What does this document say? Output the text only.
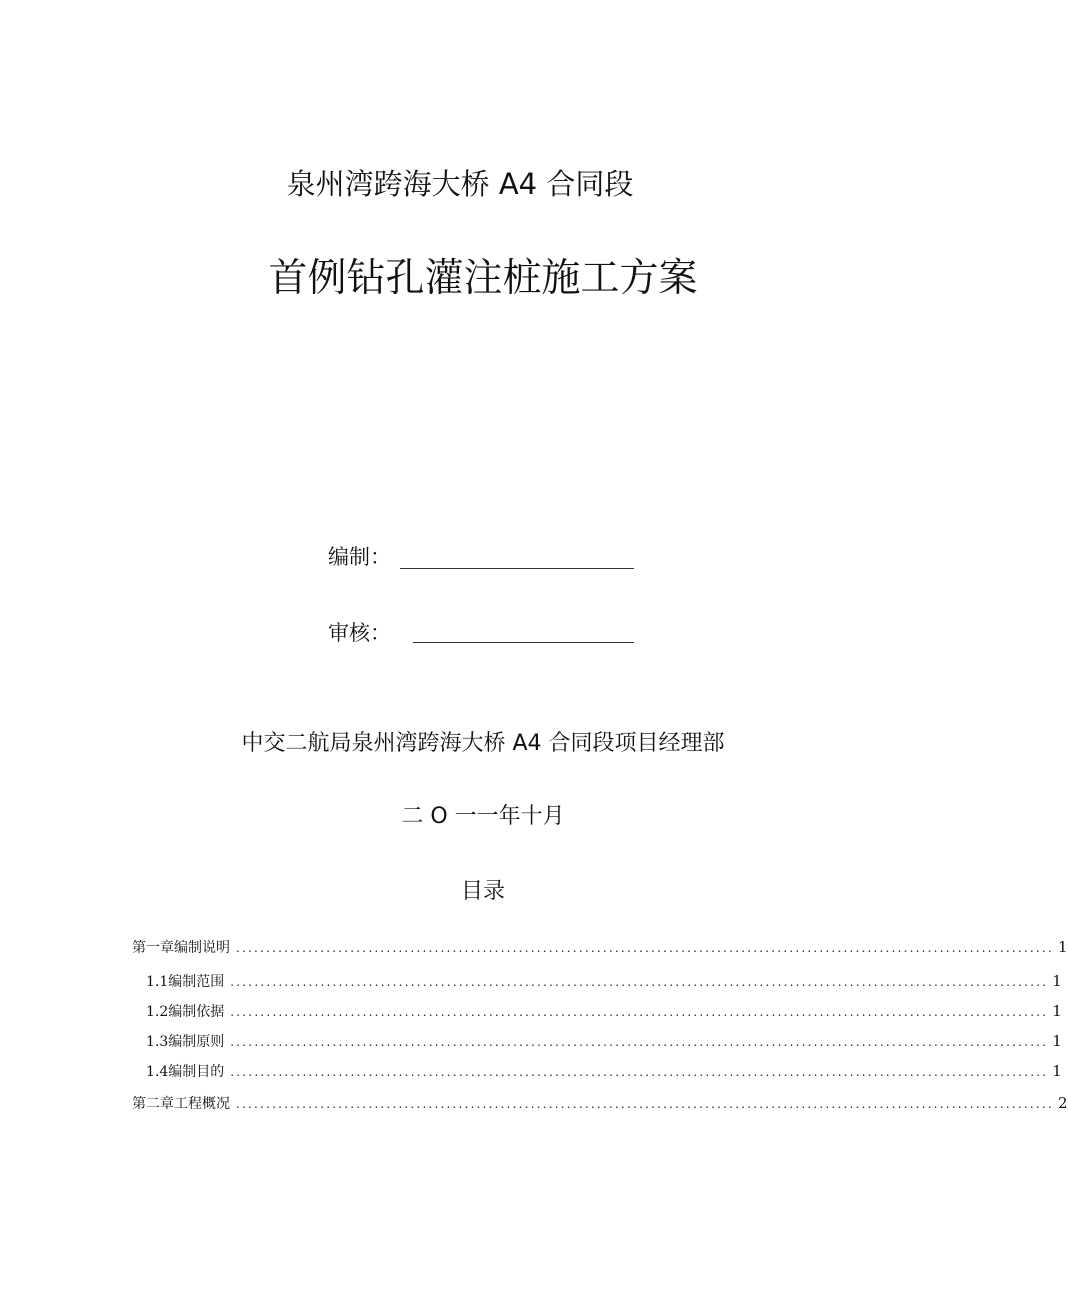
泉州湾跨海大桥 A4 合同段
首例钻孔灌注桩施工方案
编制：
审核：
中交二航局泉州湾跨海大桥 A4 合同段项目经理部
二 O 一一年十月
目录
第一章编制说明 ........................................................................................................................................ 1
1.1 编制范围 ........................................................................................................................................ 1
1.2 编制依据 ........................................................................................................................................ 1
1.3 编制原则 ........................................................................................................................................ 1
1.4 编制目的 ........................................................................................................................................ 1
第二章工程概况 ........................................................................................................................................ 2
